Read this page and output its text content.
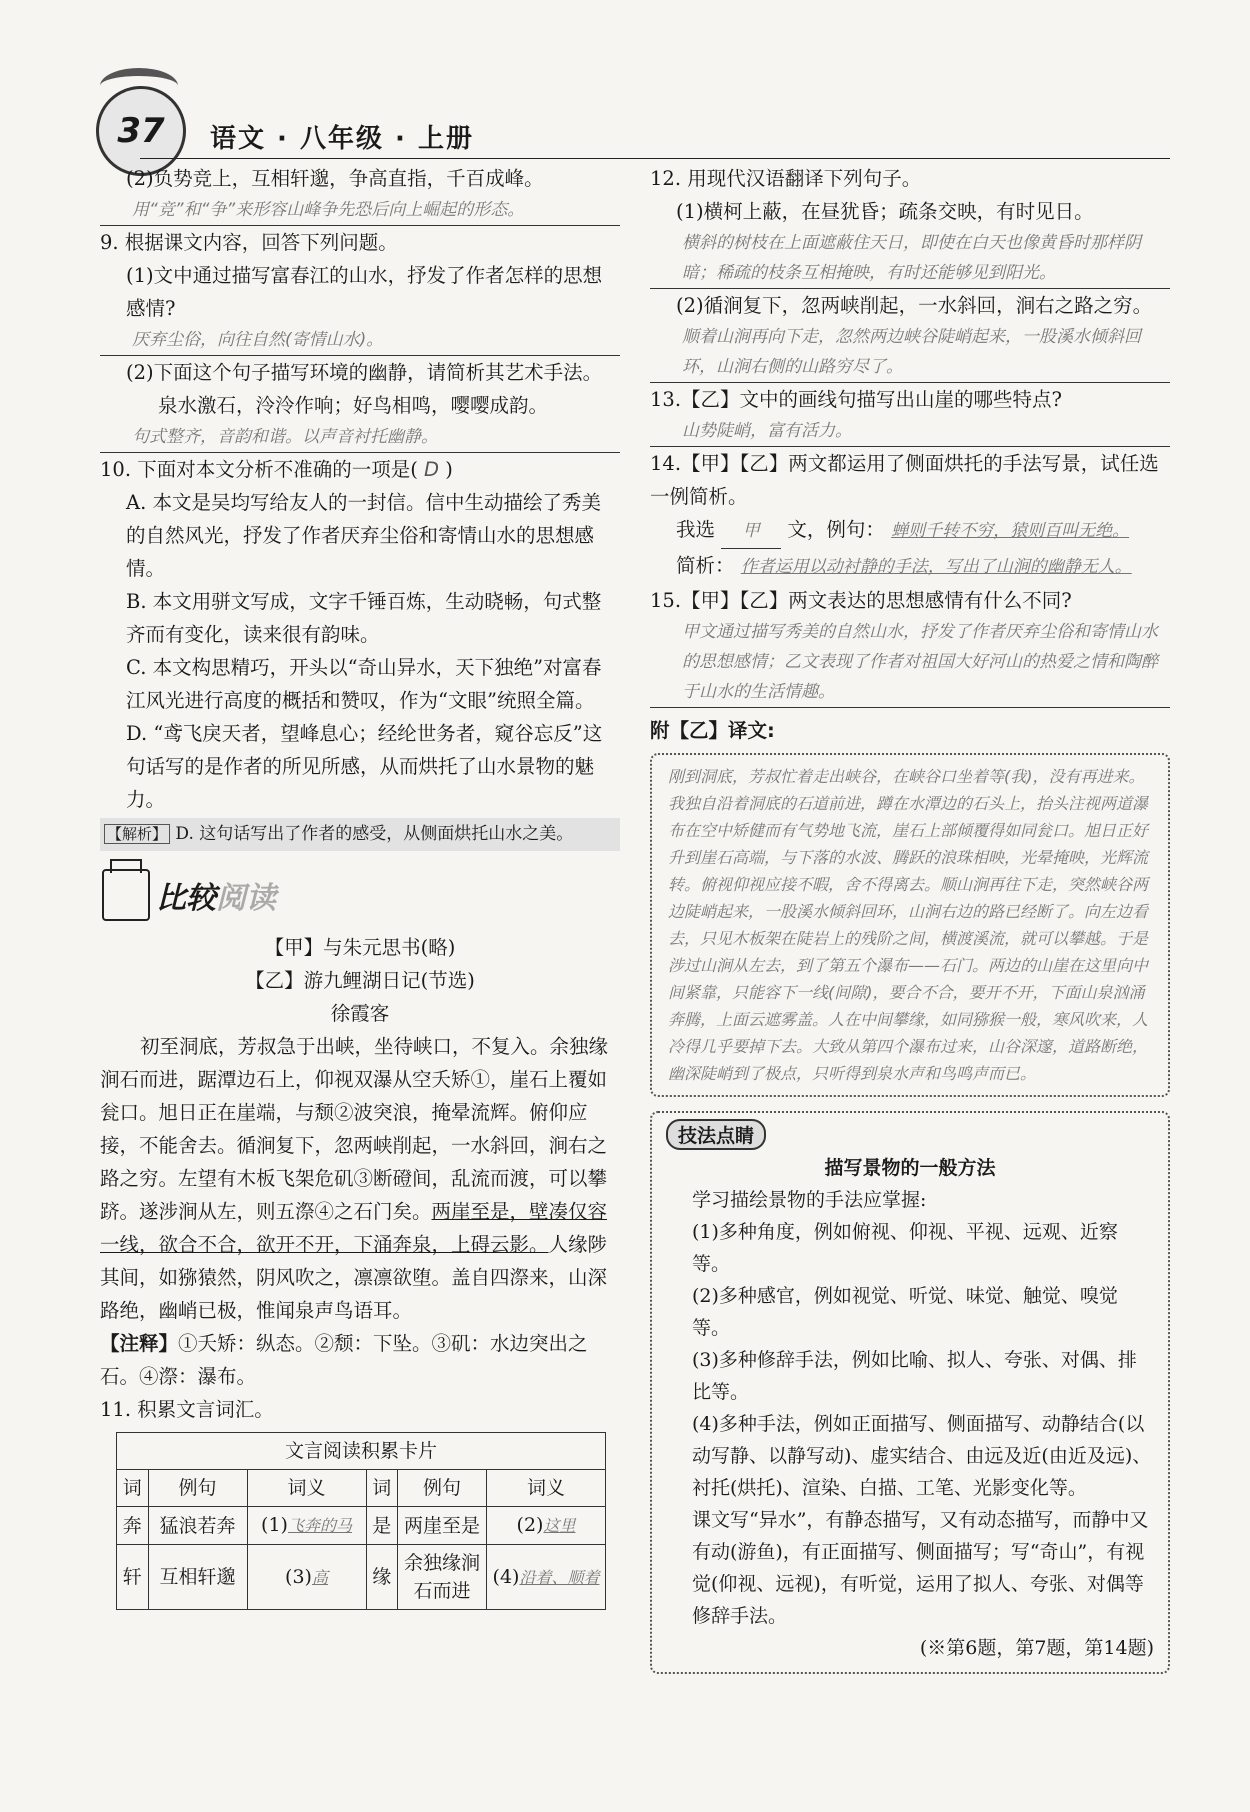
37	语文 · 八年级 · 上册

(2)负势竞上，互相轩邈，争高直指，千百成峰。

用“竞”和“争”来形容山峰争先恐后向上崛起的形态。

9. 根据课文内容，回答下列问题。

(1)文中通过描写富春江的山水，抒发了作者怎样的思想感情?

厌弃尘俗，向往自然(寄情山水)。

(2)下面这个句子描写环境的幽静，请简析其艺术手法。

泉水激石，泠泠作响；好鸟相鸣，嘤嘤成韵。

句式整齐，音韵和谐。以声音衬托幽静。

10. 下面对本文分析不准确的一项是( D )

A. 本文是吴均写给友人的一封信。信中生动描绘了秀美的自然风光，抒发了作者厌弃尘俗和寄情山水的思想感情。

B. 本文用骈文写成，文字千锤百炼，生动晓畅，句式整齐而有变化，读来很有韵味。

C. 本文构思精巧，开头以“奇山异水，天下独绝”对富春江风光进行高度的概括和赞叹，作为“文眼”统照全篇。

D. “鸢飞戾天者，望峰息心；经纶世务者，窥谷忘反”这句话写的是作者的所见所感，从而烘托了山水景物的魅力。

【解析】 D. 这句话写出了作者的感受，从侧面烘托山水之美。
比较阅读

【甲】与朱元思书(略)

【乙】游九鲤湖日记(节选)

徐霞客

初至洞底，芳叔急于出峡，坐待峡口，不复入。余独缘涧石而进，踞潭边石上，仰视双瀑从空夭矫①，崖石上覆如瓮口。旭日正在崖端，与颓②波突浪，掩晕流辉。俯仰应接，不能舍去。循涧复下，忽两峡削起，一水斜回，涧右之路之穷。左望有木板飞架危矶③断磴间，乱流而渡，可以攀跻。遂涉涧从左，则五漈④之石门矣。两崖至是，壁凑仅容一线，欲合不合，欲开不开，下涌奔泉，上碍云影。人缘陟其间，如猕猿然，阴风吹之，凛凛欲堕。盖自四漈来，山深路绝，幽峭已极，惟闻泉声鸟语耳。

【注释】①夭矫：纵态。②颓：下坠。③矶：水边突出之石。④漈：瀑布。

11. 积累文言词汇。

文言阅读积累卡片					
词	例句	词义	词	例句	词义
奔	猛浪若奔	(1)飞奔的马	是	两崖至是	(2)这里
轩	互相轩邈	(3)高	缘	余独缘涧石而进	(4)沿着、顺着

12. 用现代汉语翻译下列句子。

(1)横柯上蔽，在昼犹昏；疏条交映，有时见日。

横斜的树枝在上面遮蔽住天日，即使在白天也像黄昏时那样阴暗；稀疏的枝条互相掩映，有时还能够见到阳光。

(2)循涧复下，忽两峡削起，一水斜回，涧右之路之穷。

顺着山涧再向下走，忽然两边峡谷陡峭起来，一股溪水倾斜回环，山涧右侧的山路穷尽了。

13.【乙】文中的画线句描写出山崖的哪些特点?

山势陡峭，富有活力。

14.【甲】【乙】两文都运用了侧面烘托的手法写景，试任选一例简析。

我选 甲 文，例句： 蝉则千转不穷，猿则百叫无绝。

简析： 作者运用以动衬静的手法，写出了山涧的幽静无人。

15.【甲】【乙】两文表达的思想感情有什么不同?

甲文通过描写秀美的自然山水，抒发了作者厌弃尘俗和寄情山水的思想感情；乙文表现了作者对祖国大好河山的热爱之情和陶醉于山水的生活情趣。

附【乙】译文:

刚到洞底，芳叔忙着走出峡谷，在峡谷口坐着等(我)，没有再进来。我独自沿着洞底的石道前进，蹲在水潭边的石头上，抬头注视两道瀑布在空中矫健而有气势地飞流，崖石上部倾覆得如同瓮口。旭日正好升到崖石高端，与下落的水波、腾跃的浪珠相映，光晕掩映，光辉流转。俯视仰视应接不暇，舍不得离去。顺山涧再往下走，突然峡谷两边陡峭起来，一股溪水倾斜回环，山涧右边的路已经断了。向左边看去，只见木板架在陡岩上的残阶之间，横渡溪流，就可以攀越。于是涉过山涧从左去，到了第五个瀑布——石门。两边的山崖在这里向中间紧靠，只能容下一线(间隙)，要合不合，要开不开，下面山泉汹涌奔腾，上面云遮雾盖。人在中间攀缘，如同猕猴一般，寒风吹来，人冷得几乎要掉下去。大致从第四个瀑布过来，山谷深邃，道路断绝，幽深陡峭到了极点，只听得到泉水声和鸟鸣声而已。
技法点睛
描写景物的一般方法
学习描绘景物的手法应掌握:
(1)多种角度，例如俯视、仰视、平视、远观、近察等。
(2)多种感官，例如视觉、听觉、味觉、触觉、嗅觉等。
(3)多种修辞手法，例如比喻、拟人、夸张、对偶、排比等。
(4)多种手法，例如正面描写、侧面描写、动静结合(以动写静、以静写动)、虚实结合、由远及近(由近及远)、衬托(烘托)、渲染、白描、工笔、光影变化等。
课文写“异水”，有静态描写，又有动态描写，而静中又有动(游鱼)，有正面描写、侧面描写；写“奇山”，有视觉(仰视、远视)，有听觉，运用了拟人、夸张、对偶等修辞手法。
(※第6题，第7题，第14题)
